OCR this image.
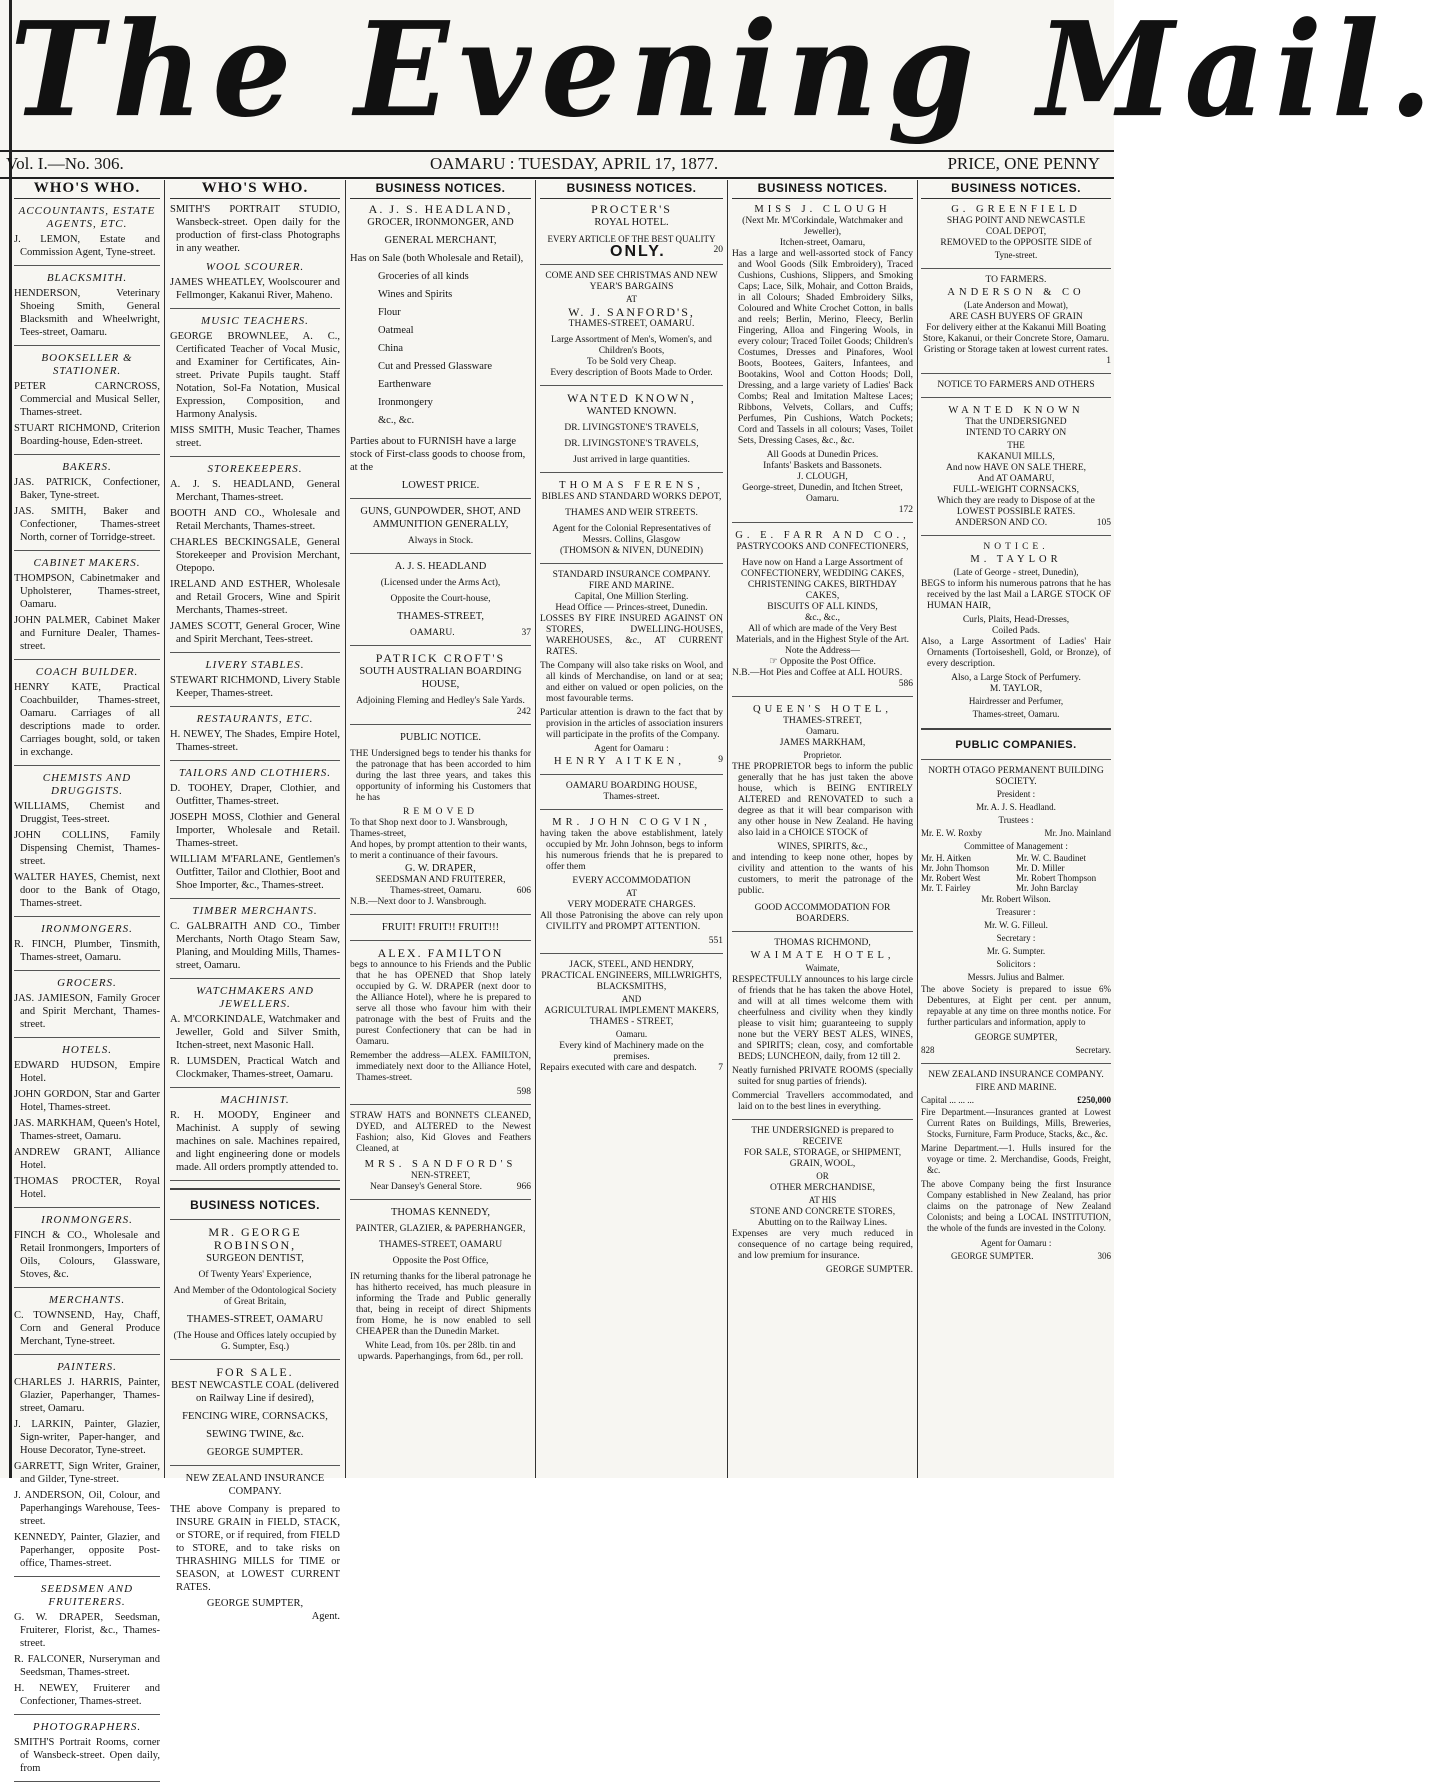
The Evening Mail.
Vol. I.—No. 306.	OAMARU : TUESDAY, APRIL 17, 1877.	PRICE, ONE PENNY
WHO'S WHO.
ACCOUNTANTS, ESTATE AGENTS, ETC.
J. LEMON, Estate and Commission Agent, Tyne-street.
BLACKSMITH.
HENDERSON, Veterinary Shoeing Smith, General Blacksmith and Wheelwright, Tees-street, Oamaru.
BOOKSELLER & STATIONER.
PETER CARNCROSS, Commercial and Musical Seller, Thames-street.
STUART RICHMOND, Criterion Boarding-house, Eden-street.
BAKERS.
JAS. PATRICK, Confectioner, Baker, Tyne-street.
JAS. SMITH, Baker and Confectioner, Thames-street North, corner of Torridge-street.
CABINET MAKERS.
THOMPSON, Cabinetmaker and Upholsterer, Thames-street, Oamaru.
JOHN PALMER, Cabinet Maker and Furniture Dealer, Thames-street.
COACH BUILDER.
HENRY KATE, Practical Coachbuilder, Thames-street, Oamaru. Carriages of all descriptions made to order. Carriages bought, sold, or taken in exchange.
CHEMISTS AND DRUGGISTS.
WILLIAMS, Chemist and Druggist, Tees-street.
JOHN COLLINS, Family Dispensing Chemist, Thames-street.
WALTER HAYES, Chemist, next door to the Bank of Otago, Thames-street.
IRONMONGERS.
R. FINCH, Plumber, Tinsmith, Thames-street, Oamaru.
GROCERS.
JAS. JAMIESON, Family Grocer and Spirit Merchant, Thames-street.
HOTELS.
EDWARD HUDSON, Empire Hotel.
JOHN GORDON, Star and Garter Hotel, Thames-street.
JAS. MARKHAM, Queen's Hotel, Thames-street, Oamaru.
ANDREW GRANT, Alliance Hotel.
THOMAS PROCTER, Royal Hotel.
IRONMONGERS.
FINCH & CO., Wholesale and Retail Ironmongers, Importers of Oils, Colours, Glassware, Stoves, &c.
MERCHANTS.
C. TOWNSEND, Hay, Chaff, Corn and General Produce Merchant, Tyne-street.
PAINTERS.
CHARLES J. HARRIS, Painter, Glazier, Paperhanger, Thames-street, Oamaru.
J. LARKIN, Painter, Glazier, Sign-writer, Paper-hanger, and House Decorator, Tyne-street.
GARRETT, Sign Writer, Grainer, and Gilder, Tyne-street.
J. ANDERSON, Oil, Colour, and Paperhangings Warehouse, Tees-street.
KENNEDY, Painter, Glazier, and Paperhanger, opposite Post-office, Thames-street.
SEEDSMEN AND FRUITERERS.
G. W. DRAPER, Seedsman, Fruiterer, Florist, &c., Thames-street.
R. FALCONER, Nurseryman and Seedsman, Thames-street.
H. NEWEY, Fruiterer and Confectioner, Thames-street.
PHOTOGRAPHERS.
SMITH'S Portrait Rooms, corner of Wansbeck-street. Open daily, from
WHO'S WHO.
SMITH'S PORTRAIT STUDIO, Wansbeck-street. Open daily for the production of first-class Photographs in any weather.
WOOL SCOURER.
JAMES WHEATLEY, Woolscourer and Fellmonger, Kakanui River, Maheno.
MUSIC TEACHERS.
GEORGE BROWNLEE, A. C., Certificated Teacher of Vocal Music, and Examiner for Certificates, Ain-street. Private Pupils taught. Staff Notation, Sol-Fa Notation, Musical Expression, Composition, and Harmony Analysis.
MISS SMITH, Music Teacher, Thames street.
STOREKEEPERS.
A. J. S. HEADLAND, General Merchant, Thames-street.
BOOTH AND CO., Wholesale and Retail Merchants, Thames-street.
CHARLES BECKINGSALE, General Storekeeper and Provision Merchant, Otepopo.
IRELAND AND ESTHER, Wholesale and Retail Grocers, Wine and Spirit Merchants, Thames-street.
JAMES SCOTT, General Grocer, Wine and Spirit Merchant, Tees-street.
LIVERY STABLES.
STEWART RICHMOND, Livery Stable Keeper, Thames-street.
RESTAURANTS, ETC.
H. NEWEY, The Shades, Empire Hotel, Thames-street.
TAILORS AND CLOTHIERS.
D. TOOHEY, Draper, Clothier, and Outfitter, Thames-street.
JOSEPH MOSS, Clothier and General Importer, Wholesale and Retail. Thames-street.
WILLIAM M'FARLANE, Gentlemen's Outfitter, Tailor and Clothier, Boot and Shoe Importer, &c., Thames-street.
TIMBER MERCHANTS.
C. GALBRAITH AND CO., Timber Merchants, North Otago Steam Saw, Planing, and Moulding Mills, Thames-street, Oamaru.
WATCHMAKERS AND JEWELLERS.
A. M'CORKINDALE, Watchmaker and Jeweller, Gold and Silver Smith, Itchen-street, next Masonic Hall.
R. LUMSDEN, Practical Watch and Clockmaker, Thames-street, Oamaru.
MACHINIST.
R. H. MOODY, Engineer and Machinist. A supply of sewing machines on sale. Machines repaired, and light engineering done or models made. All orders promptly attended to.
BUSINESS NOTICES.
MR. GEORGE ROBINSON,
SURGEON DENTIST,
Of Twenty Years' Experience,
And Member of the Odontological Society of Great Britain,
THAMES-STREET, OAMARU
(The House and Offices lately occupied by G. Sumpter, Esq.)
FOR SALE.
BEST NEWCASTLE COAL (delivered on Railway Line if desired),
FENCING WIRE, CORNSACKS,
SEWING TWINE, &c.
GEORGE SUMPTER.
NEW ZEALAND INSURANCE COMPANY.
THE above Company is prepared to INSURE GRAIN in FIELD, STACK, or STORE, or if required, from FIELD to STORE, and to take risks on THRASHING MILLS for TIME or SEASON, at LOWEST CURRENT RATES.
GEORGE SUMPTER,
Agent.
BUSINESS NOTICES.
A. J. S. HEADLAND,
GROCER, IRONMONGER, AND
GENERAL MERCHANT,
Has on Sale (both Wholesale and Retail),
Groceries of all kinds
Wines and Spirits
Flour
Oatmeal
China
Cut and Pressed Glassware
Earthenware
Ironmongery
&c., &c.
Parties about to FURNISH have a large stock of First-class goods to choose from, at the
LOWEST PRICE.
GUNS, GUNPOWDER, SHOT, AND AMMUNITION GENERALLY,
Always in Stock.
A. J. S. HEADLAND
(Licensed under the Arms Act),
Opposite the Court-house,
THAMES-STREET,
OAMARU.	37
PATRICK CROFT'S
SOUTH AUSTRALIAN BOARDING HOUSE,
Adjoining Fleming and Hedley's Sale Yards.
242
PUBLIC NOTICE.
THE Undersigned begs to tender his thanks for the patronage that has been accorded to him during the last three years, and takes this opportunity of informing his Customers that he has
REMOVED
To that Shop next door to J. Wansbrough, Thames-street,
And hopes, by prompt attention to their wants, to merit a continuance of their favours.
G. W. DRAPER,
SEEDSMAN AND FRUITERER,
Thames-street, Oamaru.	606
N.B.—Next door to J. Wansbrough.
FRUIT! FRUIT!! FRUIT!!!
ALEX. FAMILTON
begs to announce to his Friends and the Public that he has OPENED that Shop lately occupied by G. W. DRAPER (next door to the Alliance Hotel), where he is prepared to serve all those who favour him with their patronage with the best of Fruits and the purest Confectionery that can be had in Oamaru.
Remember the address—ALEX. FAMILTON, immediately next door to the Alliance Hotel, Thames-street.
598
STRAW HATS and BONNETS CLEANED, DYED, and ALTERED to the Newest Fashion; also, Kid Gloves and Feathers Cleaned, at
MRS. SANDFORD'S
NEN-STREET,
Near Dansey's General Store.	966
THOMAS KENNEDY,
PAINTER, GLAZIER, & PAPERHANGER,
THAMES-STREET, OAMARU
Opposite the Post Office,
IN returning thanks for the liberal patronage he has hitherto received, has much pleasure in informing the Trade and Public generally that, being in receipt of direct Shipments from Home, he is now enabled to sell CHEAPER than the Dunedin Market.
White Lead, from 10s. per 28lb. tin and upwards. Paperhangings, from 6d., per roll.
BUSINESS NOTICES.
PROCTER'S
ROYAL HOTEL.
EVERY ARTICLE OF THE BEST QUALITY
ONLY.	20
COME AND SEE CHRISTMAS AND NEW YEAR'S BARGAINS
AT
W. J. SANFORD'S,
THAMES-STREET, OAMARU.
Large Assortment of Men's, Women's, and Children's Boots,
To be Sold very Cheap.
Every description of Boots Made to Order.
WANTED KNOWN,
WANTED KNOWN.
DR. LIVINGSTONE'S TRAVELS,
DR. LIVINGSTONE'S TRAVELS,
Just arrived in large quantities.
THOMAS FERENS,
BIBLES AND STANDARD WORKS DEPOT,
THAMES AND WEIR STREETS.
Agent for the Colonial Representatives of Messrs. Collins, Glasgow
(THOMSON & NIVEN, DUNEDIN)
STANDARD INSURANCE COMPANY.
FIRE AND MARINE.
Capital, One Million Sterling.
Head Office — Princes-street, Dunedin.
LOSSES BY FIRE INSURED AGAINST ON STORES, DWELLING-HOUSES, WAREHOUSES, &c., AT CURRENT RATES.
The Company will also take risks on Wool, and all kinds of Merchandise, on land or at sea; and either on valued or open policies, on the most favourable terms.
Particular attention is drawn to the fact that by provision in the articles of association insurers will participate in the profits of the Company.
Agent for Oamaru :
HENRY AITKEN,	9
OAMARU BOARDING HOUSE,
Thames-street.
MR. JOHN COGVIN,
having taken the above establishment, lately occupied by Mr. John Johnson, begs to inform his numerous friends that he is prepared to offer them
EVERY ACCOMMODATION
AT
VERY MODERATE CHARGES.
All those Patronising the above can rely upon CIVILITY and PROMPT ATTENTION.
551
JACK, STEEL, AND HENDRY,
PRACTICAL ENGINEERS, MILLWRIGHTS, BLACKSMITHS,
AND
AGRICULTURAL IMPLEMENT MAKERS,
THAMES - STREET,
Oamaru.
Every kind of Machinery made on the premises.
Repairs executed with care and despatch. 7
BUSINESS NOTICES.
MISS J. CLOUGH
(Next Mr. M'Corkindale, Watchmaker and Jeweller),
Itchen-street, Oamaru,
Has a large and well-assorted stock of Fancy and Wool Goods (Silk Embroidery), Traced Cushions, Cushions, Slippers, and Smoking Caps; Lace, Silk, Mohair, and Cotton Braids, in all Colours; Shaded Embroidery Silks, Coloured and White Crochet Cotton, in balls and reels; Berlin, Merino, Fleecy, Berlin Fingering, Alloa and Fingering Wools, in every colour; Traced Toilet Goods; Children's Costumes, Dresses and Pinafores, Wool Boots, Bootees, Gaiters, Infantees, and Bootakins, Wool and Cotton Hoods; Doll, Dressing, and a large variety of Ladies' Back Combs; Real and Imitation Maltese Laces; Ribbons, Velvets, Collars, and Cuffs; Perfumes, Pin Cushions, Watch Pockets; Cord and Tassels in all colours; Vases, Toilet Sets, Dressing Cases, &c., &c.
All Goods at Dunedin Prices.
Infants' Baskets and Bassonets.
J. CLOUGH,
George-street, Dunedin, and Itchen Street, Oamaru.
172
G. E. FARR AND CO.,
PASTRYCOOKS AND CONFECTIONERS,
Have now on Hand a Large Assortment of
CONFECTIONERY, WEDDING CAKES,
CHRISTENING CAKES, BIRTHDAY CAKES,
BISCUITS OF ALL KINDS,
&c., &c.,
All of which are made of the Very Best Materials, and in the Highest Style of the Art.
Note the Address—
☞ Opposite the Post Office.
N.B.—Hot Pies and Coffee at ALL HOURS.
586
QUEEN'S HOTEL,
THAMES-STREET,
Oamaru.
JAMES MARKHAM,
Proprietor.
THE PROPRIETOR begs to inform the public generally that he has just taken the above house, which is BEING ENTIRELY ALTERED and RENOVATED to such a degree as that it will bear comparison with any other house in New Zealand. He having also laid in a CHOICE STOCK of
WINES, SPIRITS, &c.,
and intending to keep none other, hopes by civility and attention to the wants of his customers, to merit the patronage of the public.
GOOD ACCOMMODATION FOR BOARDERS.
THOMAS RICHMOND,
WAIMATE HOTEL,
Waimate,
RESPECTFULLY announces to his large circle of friends that he has taken the above Hotel, and will at all times welcome them with cheerfulness and civility when they kindly please to visit him; guaranteeing to supply none but the VERY BEST ALES, WINES, and SPIRITS; clean, cosy, and comfortable BEDS; LUNCHEON, daily, from 12 till 2.
Neatly furnished PRIVATE ROOMS (specially suited for snug parties of friends).
Commercial Travellers accommodated, and laid on to the best lines in everything.
THE UNDERSIGNED is prepared to RECEIVE
FOR SALE, STORAGE, or SHIPMENT,
GRAIN, WOOL,
OR
OTHER MERCHANDISE,
AT HIS
STONE AND CONCRETE STORES,
Abutting on to the Railway Lines.
Expenses are very much reduced in consequence of no cartage being required, and low premium for insurance.
GEORGE SUMPTER.
BUSINESS NOTICES.
G. GREENFIELD
SHAG POINT AND NEWCASTLE
COAL DEPOT,
REMOVED to the OPPOSITE SIDE of
Tyne-street.
TO FARMERS.
ANDERSON & CO
(Late Anderson and Mowat),
ARE CASH BUYERS OF GRAIN
For delivery either at the Kakanui Mill Boating Store, Kakanui, or their Concrete Store, Oamaru.
Gristing or Storage taken at lowest current rates.
1
NOTICE TO FARMERS AND OTHERS
WANTED KNOWN
That the UNDERSIGNED
INTEND TO CARRY ON
THE
KAKANUI MILLS,
And now HAVE ON SALE THERE,
And AT OAMARU,
FULL-WEIGHT CORNSACKS,
Which they are ready to Dispose of at the
LOWEST POSSIBLE RATES.
ANDERSON AND CO.	105
NOTICE.
M. TAYLOR
(Late of George - street, Dunedin),
BEGS to inform his numerous patrons that he has received by the last Mail a LARGE STOCK OF HUMAN HAIR,
Curls, Plaits, Head-Dresses,
Coiled Pads.
Also, a Large Assortment of Ladies' Hair Ornaments (Tortoiseshell, Gold, or Bronze), of every description.
Also, a Large Stock of Perfumery.
M. TAYLOR,
Hairdresser and Perfumer,
Thames-street, Oamaru.
PUBLIC COMPANIES.
NORTH OTAGO PERMANENT BUILDING SOCIETY.
President :
Mr. A. J. S. Headland.
Trustees :
Mr. E. W. Roxby	Mr. Jno. Mainland
Committee of Management :
Mr. H. Aitken	Mr. W. C. Baudinet
Mr. John Thomson	Mr. D. Miller
Mr. Robert West	Mr. Robert Thompson
Mr. T. Fairley	Mr. John Barclay
Mr. Robert Wilson.
Treasurer :
Mr. W. G. Filleul.
Secretary :
Mr. G. Sumpter.
Solicitors :
Messrs. Julius and Balmer.
The above Society is prepared to issue 6% Debentures, at Eight per cent. per annum, repayable at any time on three months notice. For further particulars and information, apply to
GEORGE SUMPTER,
828	Secretary.
NEW ZEALAND INSURANCE COMPANY.
FIRE AND MARINE.
Capital ... ... ...	£250,000
Fire Department.—Insurances granted at Lowest Current Rates on Buildings, Mills, Breweries, Stocks, Furniture, Farm Produce, Stacks, &c., &c.
Marine Department.—1. Hulls insured for the voyage or time. 2. Merchandise, Goods, Freight, &c.
The above Company being the first Insurance Company established in New Zealand, has prior claims on the patronage of New Zealand Colonists; and being a LOCAL INSTITUTION, the whole of the funds are invested in the Colony.
Agent for Oamaru :
GEORGE SUMPTER.	306
